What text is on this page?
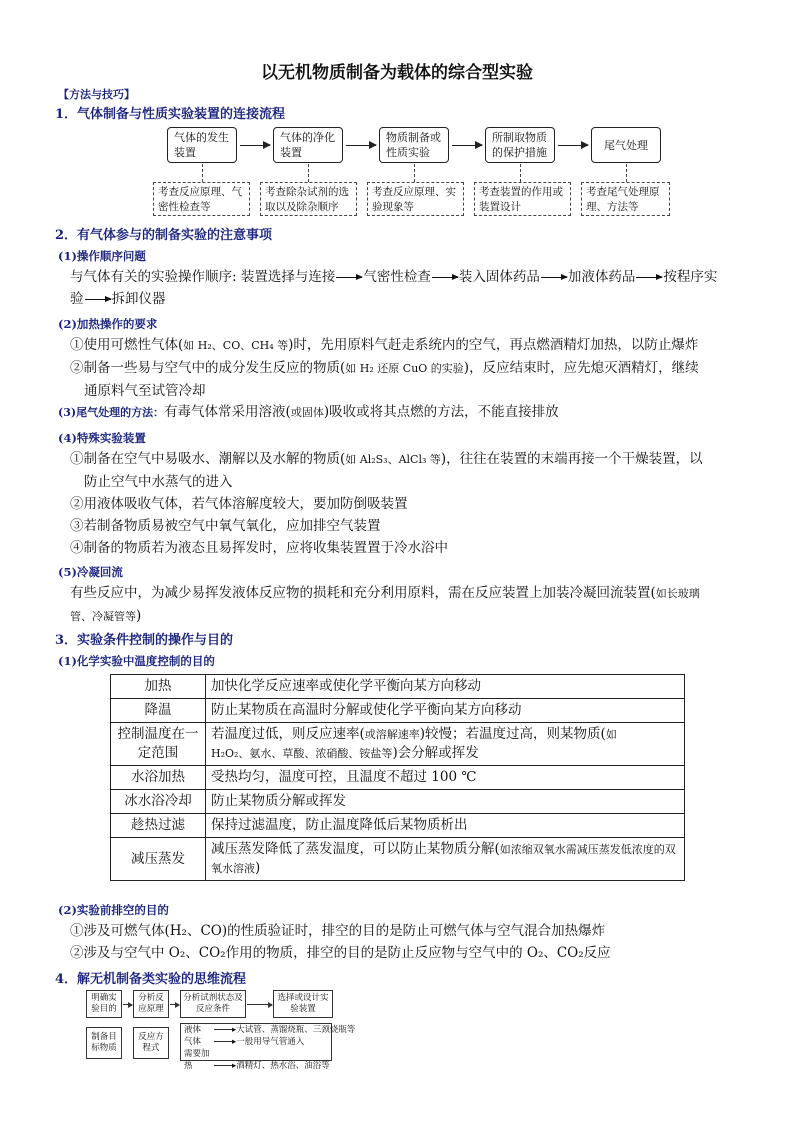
以无机物质制备为载体的综合型实验
【方法与技巧】
1．气体制备与性质实验装置的连接流程
气体的发生装置
气体的净化装置
物质制备或性质实验
所制取物质的保护措施
尾气处理
考查反应原理、气密性检查等
考查除杂试剂的选取以及除杂顺序
考查反应原理、实验现象等
考查装置的作用或装置设计
考查尾气处理原理、方法等
2．有气体参与的制备实验的注意事项
(1)操作顺序问题
与气体有关的实验操作顺序: 装置选择与连接 气密性检查 装入固体药品 加液体药品 按程序实
验 拆卸仪器
(2)加热操作的要求
①使用可燃性气体(如 H₂、CO、CH₄ 等)时，先用原料气赶走系统内的空气，再点燃酒精灯加热，以防止爆炸
②制备一些易与空气中的成分发生反应的物质(如 H₂ 还原 CuO 的实验)，反应结束时，应先熄灭酒精灯，继续
通原料气至试管冷却
(3)尾气处理的方法：有毒气体常采用溶液(或固体)吸收或将其点燃的方法，不能直接排放
(4)特殊实验装置
①制备在空气中易吸水、潮解以及水解的物质(如 Al₂S₃、AlCl₃ 等)，往往在装置的末端再接一个干燥装置，以
防止空气中水蒸气的进入
②用液体吸收气体，若气体溶解度较大，要加防倒吸装置
③若制备物质易被空气中氧气氧化，应加排空气装置
④制备的物质若为液态且易挥发时，应将收集装置置于冷水浴中
(5)冷凝回流
有些反应中，为减少易挥发液体反应物的损耗和充分利用原料，需在反应装置上加装冷凝回流装置(如长玻璃
管、冷凝管等)
3．实验条件控制的操作与目的
(1)化学实验中温度控制的目的
加热	加快化学反应速率或使化学平衡向某方向移动
降温	防止某物质在高温时分解或使化学平衡向某方向移动
控制温度在一定范围	若温度过低，则反应速率(或溶解速率)较慢；若温度过高，则某物质(如
H₂O₂、氨水、草酸、浓硝酸、铵盐等)会分解或挥发
水浴加热	受热均匀，温度可控，且温度不超过 100 ℃
冰水浴冷却	防止某物质分解或挥发
趁热过滤	保持过滤温度，防止温度降低后某物质析出
减压蒸发	减压蒸发降低了蒸发温度，可以防止某物质分解(如浓缩双氧水需减压蒸发低浓度的双氧水溶液)
(2)实验前排空的目的
①涉及可燃气体(H₂、CO)的性质验证时，排空的目的是防止可燃气体与空气混合加热爆炸
②涉及与空气中 O₂、CO₂作用的物质，排空的目的是防止反应物与空气中的 O₂、CO₂反应
4．解无机制备类实验的思维流程
明确实验目的
分析反应原理
分析试剂状态及反应条件
选择或设计实验装置
制备目标物质
反应方程式
液体	▸大试管、蒸馏烧瓶、三颈烧瓶等
气体	▸一般用导气管通入
需要加热	▸酒精灯、热水浴、油浴等
